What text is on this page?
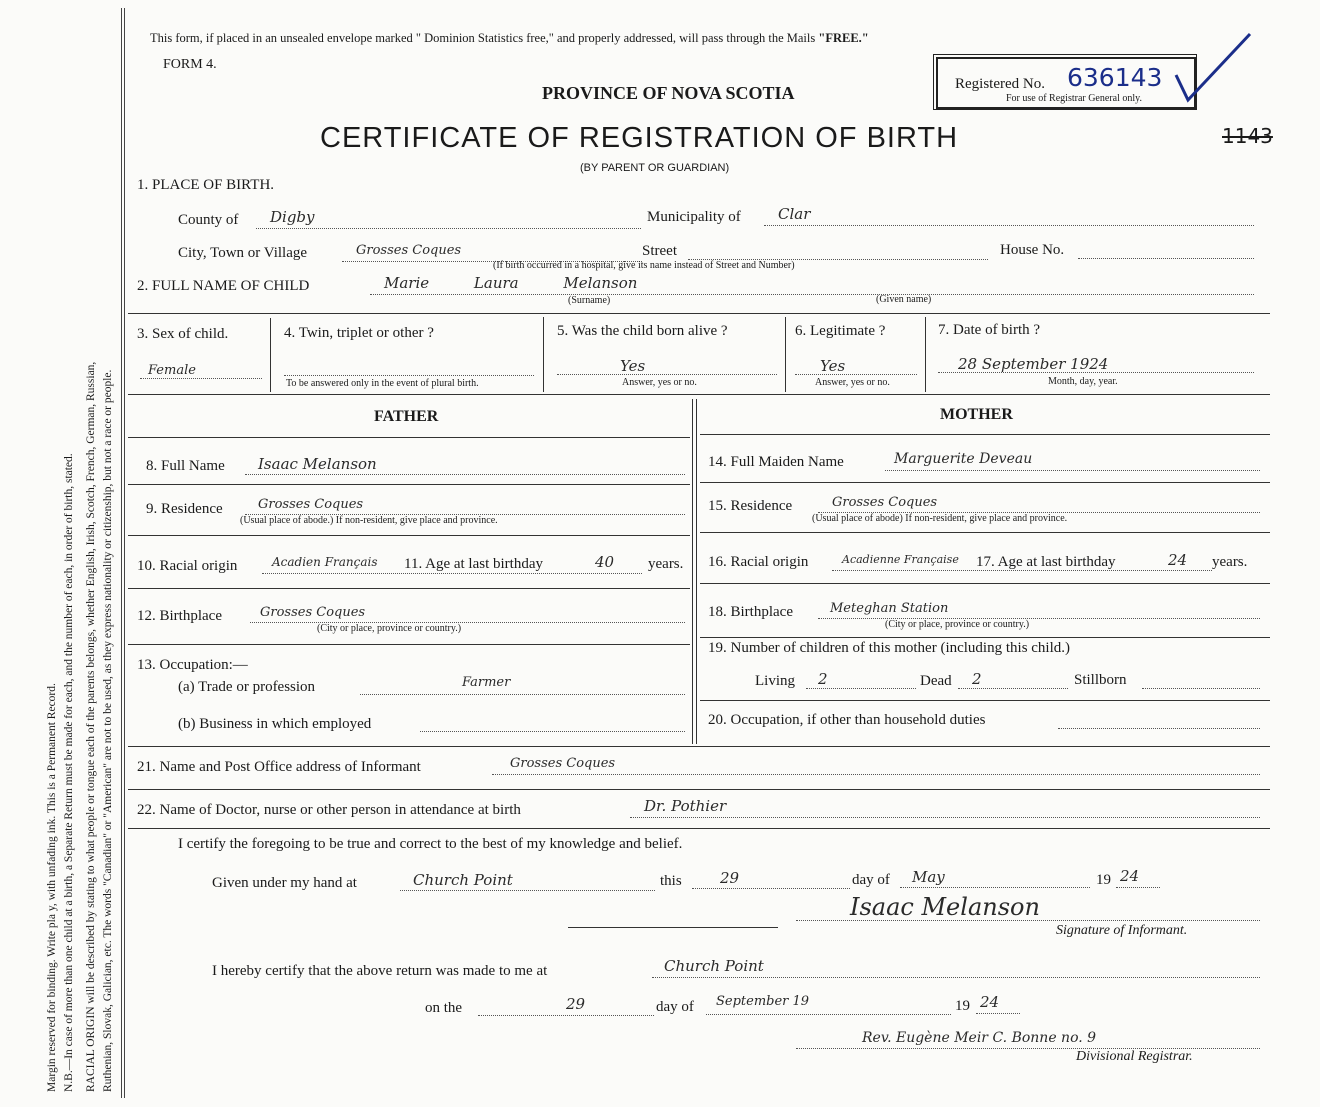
Margin reserved for binding. Write pla y, with unfading ink. This is a Permanent Record. N.B.—In case of more than one child at a birth, a Separate Return must be made for each, and the number of each, in order of birth, stated. RACIAL ORIGIN will be described by stating to what people or tongue each of the parents belongs, whether English, Irish, Scotch, French, German, Russian, Ruthenian, Slovak, Galician, etc. The words "Canadian" or "American" are not to be used, as they express nationality or citizenship, but not a race or people.
This form, if placed in an unsealed envelope marked " Dominion Statistics free," and properly addressed, will pass through the Mails "FREE."
FORM 4.
PROVINCE OF NOVA SCOTIA
CERTIFICATE OF REGISTRATION OF BIRTH
(BY PARENT OR GUARDIAN)
Registered No. 636143
For use of Registrar General only.
1143
1. PLACE OF BIRTH.
County of Digby	Municipality of Clar
City, Town or Village	Grosses Coques	Street
(If birth occurred in a hospital, give its name instead of Street and Number)
House No.
2. FULL NAME OF CHILD	Marie Laura Melanson
(Surname)	(Given name)
3. Sex of child.
Female
4. Twin, triplet or other ?
To be answered only in the event of plural birth.
5. Was the child born alive ?
Yes
Answer, yes or no.
6. Legitimate ?
Yes
Answer, yes or no.
7. Date of birth ?
28 September 1924
Month, day, year.
FATHER	MOTHER
8. Full Name Isaac Melanson
9. Residence	Grosses Coques
(Usual place of abode.) If non-resident, give place and province.
10. Racial origin	Acadien Français 11. Age at last birthday	40 years.
12. Birthplace	Grosses Coques
(City or place, province or country.)
13. Occupation:—
(a) Trade or profession	Farmer
(b) Business in which employed
14. Full Maiden Name	Marguerite Deveau
15. Residence	Grosses Coques
(Usual place of abode) If non-resident, give place and province.
16. Racial origin	Acadienne Française 17. Age at last birthday	24 years.
18. Birthplace	Meteghan Station
(City or place, province or country.)
19. Number of children of this mother (including this child.)
Living 2	Dead 2	Stillborn
20. Occupation, if other than household duties
21. Name and Post Office address of Informant	Grosses Coques
22. Name of Doctor, nurse or other person in attendance at birth	Dr. Pothier
I certify the foregoing to be true and correct to the best of my knowledge and belief.
Given under my hand at	Church Point	this	29	day of May	19 24
Isaac Melanson
Signature of Informant.
I hereby certify that the above return was made to me at	Church Point
on the	29	day of September 19	19 24
Rev. Eugène Meir C. Bonne no. 9
Divisional Registrar.
